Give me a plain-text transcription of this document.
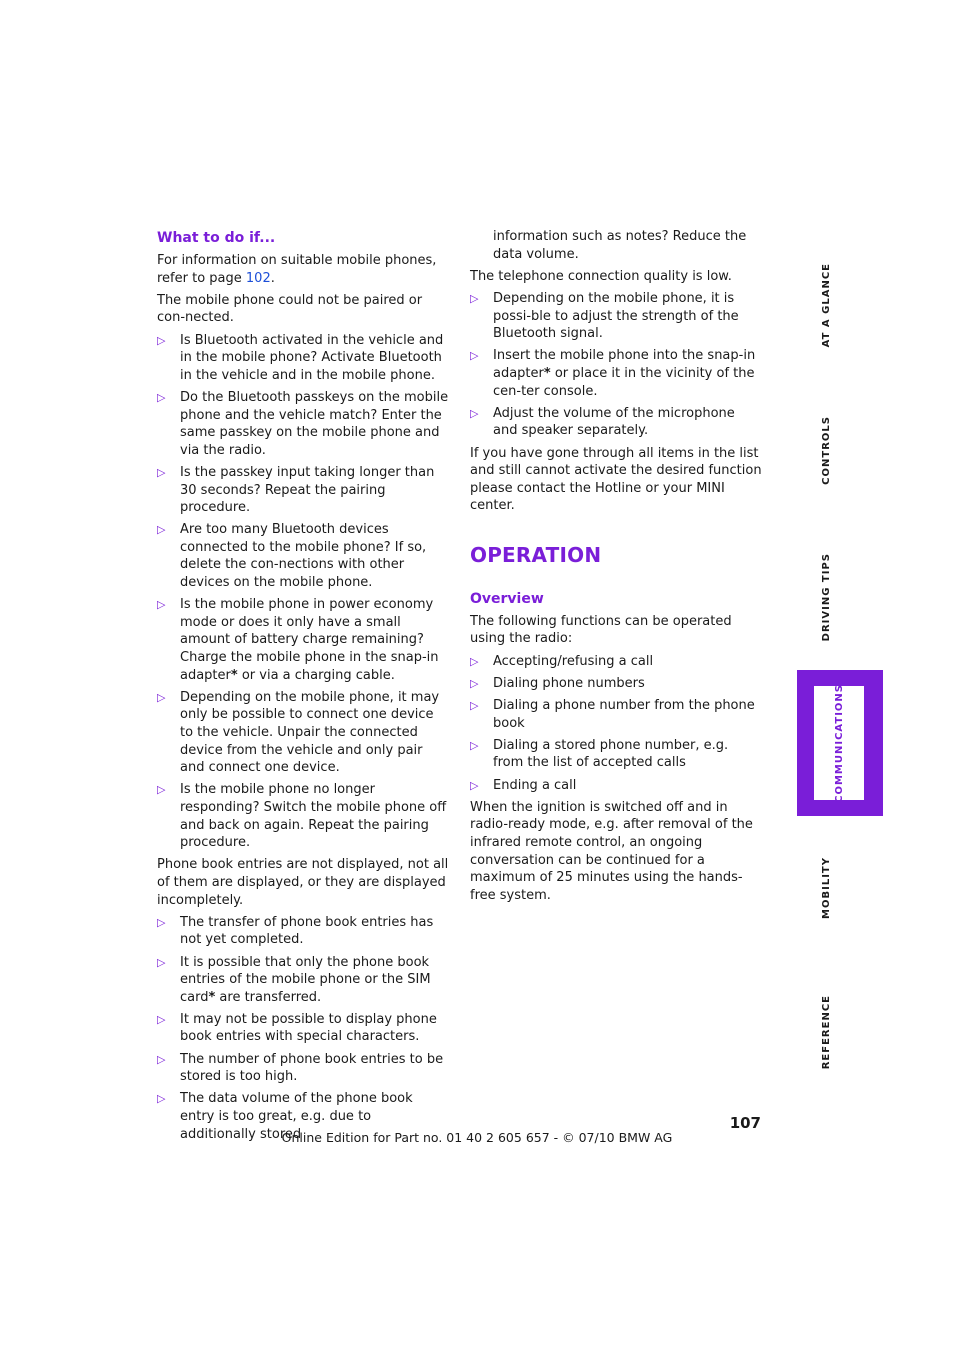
What to do if...

For information on suitable mobile phones, refer to page 102.

The mobile phone could not be paired or con-nected.

▷ Is Bluetooth activated in the vehicle and in the mobile phone? Activate Bluetooth in the vehicle and in the mobile phone.
▷ Do the Bluetooth passkeys on the mobile phone and the vehicle match? Enter the same passkey on the mobile phone and via the radio.
▷ Is the passkey input taking longer than 30 seconds? Repeat the pairing procedure.
▷ Are too many Bluetooth devices connected to the mobile phone? If so, delete the con-nections with other devices on the mobile phone.
▷ Is the mobile phone in power economy mode or does it only have a small amount of battery charge remaining? Charge the mobile phone in the snap-in adapter* or via a charging cable.
▷ Depending on the mobile phone, it may only be possible to connect one device to the vehicle. Unpair the connected device from the vehicle and only pair and connect one device.
▷ Is the mobile phone no longer responding? Switch the mobile phone off and back on again. Repeat the pairing procedure.

Phone book entries are not displayed, not all of them are displayed, or they are displayed incompletely.

▷ The transfer of phone book entries has not yet completed.
▷ It is possible that only the phone book entries of the mobile phone or the SIM card* are transferred.
▷ It may not be possible to display phone book entries with special characters.
▷ The number of phone book entries to be stored is too high.
▷ The data volume of the phone book entry is too great, e.g. due to additionally stored
information such as notes? Reduce the data volume.

The telephone connection quality is low.

▷ Depending on the mobile phone, it is possi-ble to adjust the strength of the Bluetooth signal.
▷ Insert the mobile phone into the snap-in adapter* or place it in the vicinity of the cen-ter console.
▷ Adjust the volume of the microphone and speaker separately.

If you have gone through all items in the list and still cannot activate the desired function please contact the Hotline or your MINI center.

OPERATION
Overview

The following functions can be operated using the radio:

▷ Accepting/refusing a call
▷ Dialing phone numbers
▷ Dialing a phone number from the phone book
▷ Dialing a stored phone number, e.g. from the list of accepted calls
▷ Ending a call

When the ignition is switched off and in radio-ready mode, e.g. after removal of the infrared remote control, an ongoing conversation can be continued for a maximum of 25 minutes using the hands-free system.

107
Online Edition for Part no. 01 40 2 605 657 - © 07/10 BMW AG
AT A GLANCE
CONTROLS
DRIVING TIPS
COMMUNICATIONS
MOBILITY
REFERENCE
